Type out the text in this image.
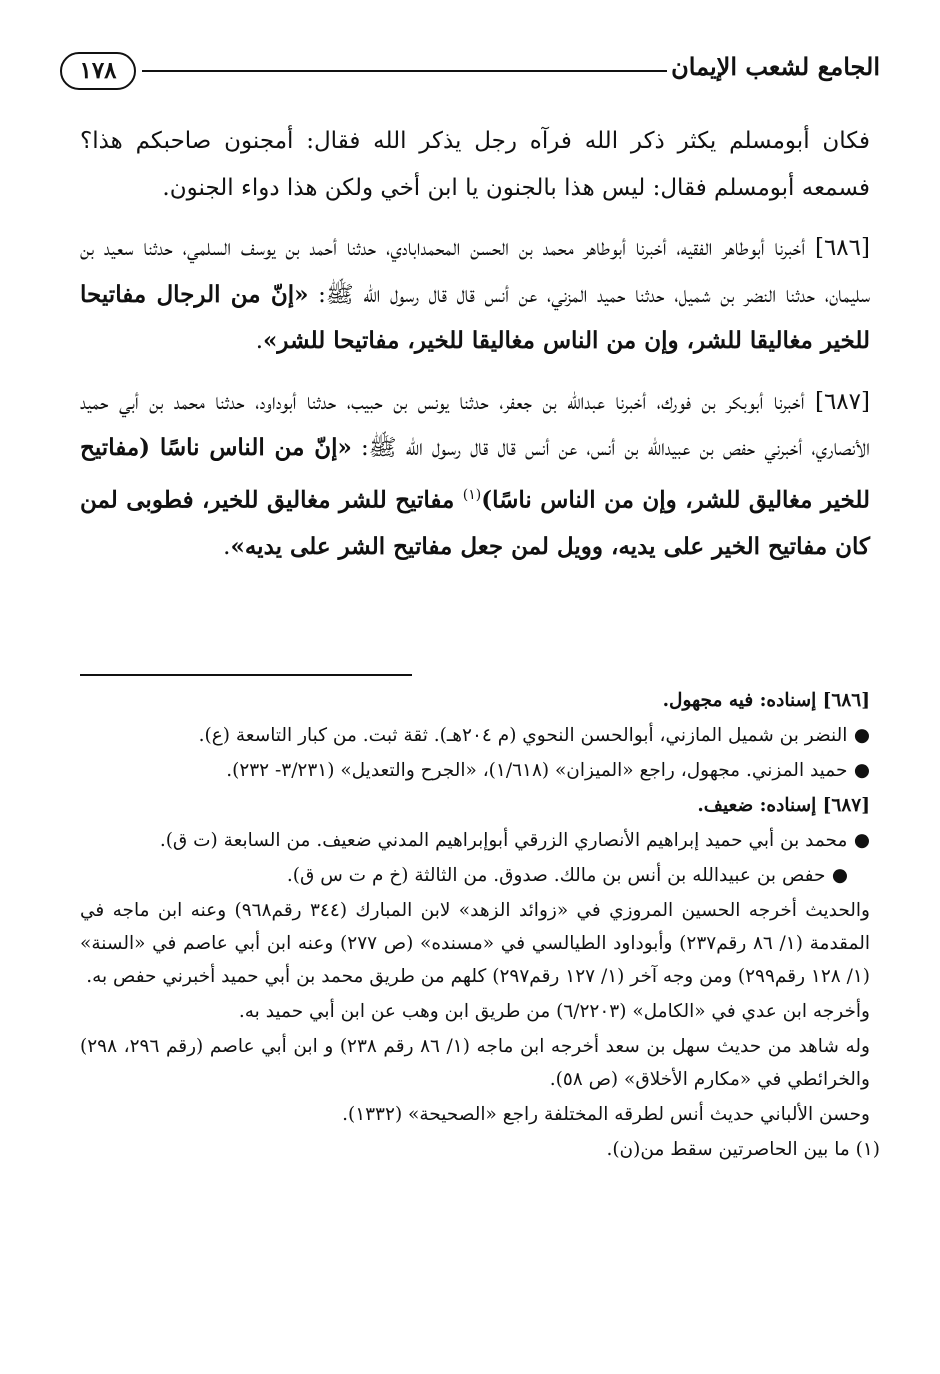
١٧٨	الجامع لشعب الإيمان

فكان أبومسلم يكثر ذكر الله فرآه رجل يذكر الله فقال: أمجنون صاحبكم هذا؟ فسمعه أبومسلم فقال: ليس هذا بالجنون يا ابن أخي ولكن هذا دواء الجنون.

[٦٨٦] أخبرنا أبوطاهر الفقيه، أخبرنا أبوطاهر محمد بن الحسن المحمدابادي، حدثنا أحمد بن يوسف السلمي، حدثنا سعيد بن سليمان، حدثنا النضر بن شميل، حدثنا حميد المزني، عن أنس قال قال رسول الله ﷺ: «إنّ من الرجال مفاتيحا للخير مغاليقا للشر، وإن من الناس مغاليقا للخير، مفاتيحا للشر».

[٦٨٧] أخبرنا أبوبكر بن فورك، أخبرنا عبدالله بن جعفر، حدثنا يونس بن حبيب، حدثنا أبوداود، حدثنا محمد بن أبي حميد الأنصاري، أخبرني حفص بن عبيدالله بن أنس، عن أنس قال قال رسول الله ﷺ: «إنّ من الناس ناسًا (مفاتيح للخير مغاليق للشر، وإن من الناس ناسًا)$^{(١)}$ مفاتيح للشر مغاليق للخير، فطوبى لمن كان مفاتيح الخير على يديه، وويل لمن جعل مفاتيح الشر على يديه».

[٦٨٦] إسناده: فيه مجهول.

● النضر بن شميل المازني، أبوالحسن النحوي (م ٢٠٤هـ). ثقة ثبت. من كبار التاسعة (ع).

● حميد المزني. مجهول، راجع «الميزان» (١/٦١٨)، «الجرح والتعديل» (٣/٢٣١- ٢٣٢).

[٦٨٧] إسناده: ضعيف.

● محمد بن أبي حميد إبراهيم الأنصاري الزرقي أبوإبراهيم المدني ضعيف. من السابعة (ت ق).

● حفص بن عبيدالله بن أنس بن مالك. صدوق. من الثالثة (خ م ت س ق).

والحديث أخرجه الحسين المروزي في «زوائد الزهد» لابن المبارك (٣٤٤ رقم٩٦٨) وعنه ابن ماجه في المقدمة (١/ ٨٦ رقم٢٣٧) وأبوداود الطيالسي في «مسنده» (ص ٢٧٧) وعنه ابن أبي عاصم في «السنة» (١/ ١٢٨ رقم٢٩٩) ومن وجه آخر (١/ ١٢٧ رقم٢٩٧) كلهم من طريق محمد بن أبي حميد أخبرني حفص به.

وأخرجه ابن عدي في «الكامل» (٦/٢٢٠٣) من طريق ابن وهب عن ابن أبي حميد به.

وله شاهد من حديث سهل بن سعد أخرجه ابن ماجه (١/ ٨٦ رقم ٢٣٨) و ابن أبي عاصم (رقم ٢٩٦، ٢٩٨) والخرائطي في «مكارم الأخلاق» (ص ٥٨).

وحسن الألباني حديث أنس لطرقه المختلفة راجع «الصحيحة» (١٣٣٢).

(١) ما بين الحاصرتين سقط من(ن).
